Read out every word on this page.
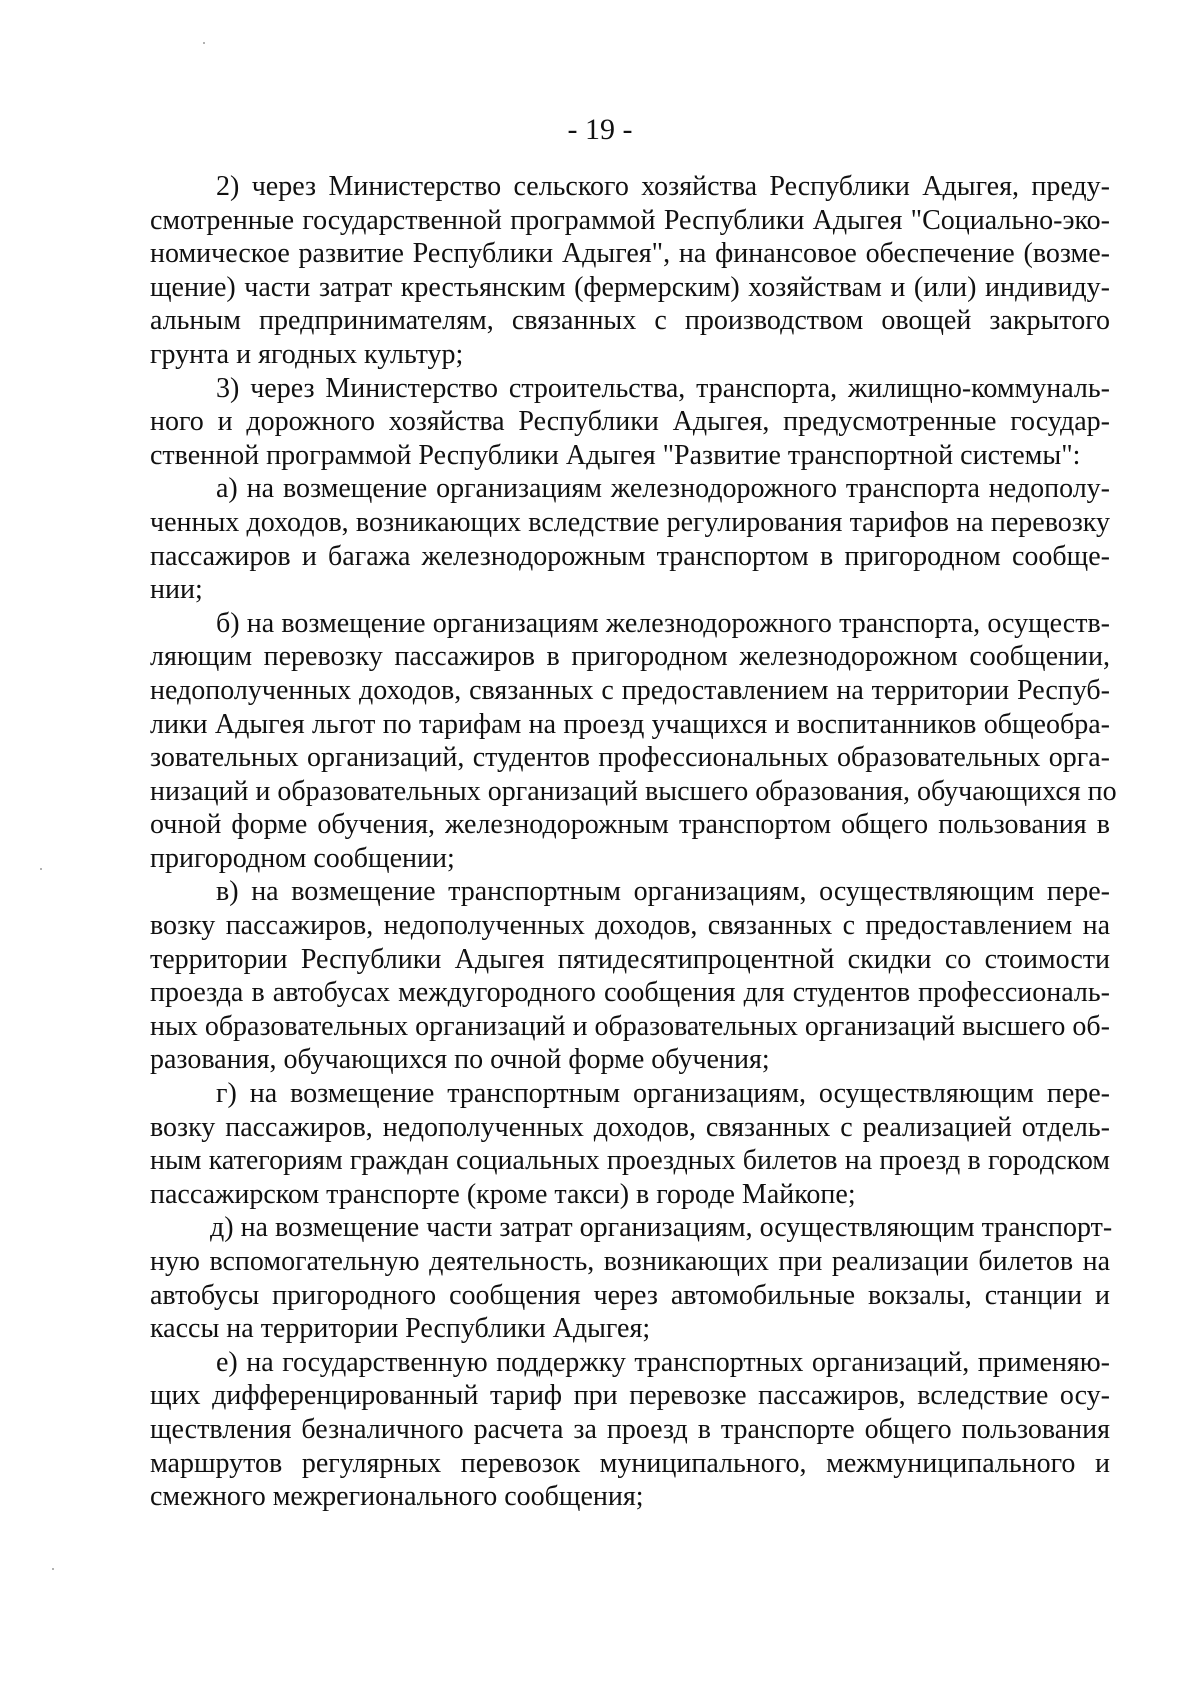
- 19 -

2) через Министерство сельского хозяйства Республики Адыгея, преду-
смотренные государственной программой Республики Адыгея "Социально-эко-
номическое развитие Республики Адыгея", на финансовое обеспечение (возме-
щение) части затрат крестьянским (фермерским) хозяйствам и (или) индивиду-
альным предпринимателям, связанных с производством овощей закрытого
грунта и ягодных культур;

3) через Министерство строительства, транспорта, жилищно-коммуналь-
ного и дорожного хозяйства Республики Адыгея, предусмотренные государ-
ственной программой Республики Адыгея "Развитие транспортной системы":

а) на возмещение организациям железнодорожного транспорта недополу-
ченных доходов, возникающих вследствие регулирования тарифов на перевозку
пассажиров и багажа железнодорожным транспортом в пригородном сообще-
нии;

б) на возмещение организациям железнодорожного транспорта, осуществ-
ляющим перевозку пассажиров в пригородном железнодорожном сообщении,
недополученных доходов, связанных с предоставлением на территории Респуб-
лики Адыгея льгот по тарифам на проезд учащихся и воспитанников общеобра-
зовательных организаций, студентов профессиональных образовательных орга-
низаций и образовательных организаций высшего образования, обучающихся по
очной форме обучения, железнодорожным транспортом общего пользования в
пригородном сообщении;

в) на возмещение транспортным организациям, осуществляющим пере-
возку пассажиров, недополученных доходов, связанных с предоставлением на
территории Республики Адыгея пятидесятипроцентной скидки со стоимости
проезда в автобусах междугородного сообщения для студентов профессиональ-
ных образовательных организаций и образовательных организаций высшего об-
разования, обучающихся по очной форме обучения;

г) на возмещение транспортным организациям, осуществляющим пере-
возку пассажиров, недополученных доходов, связанных с реализацией отдель-
ным категориям граждан социальных проездных билетов на проезд в городском
пассажирском транспорте (кроме такси) в городе Майкопе;

д) на возмещение части затрат организациям, осуществляющим транспорт-
ную вспомогательную деятельность, возникающих при реализации билетов на
автобусы пригородного сообщения через автомобильные вокзалы, станции и
кассы на территории Республики Адыгея;

е) на государственную поддержку транспортных организаций, применяю-
щих дифференцированный тариф при перевозке пассажиров, вследствие осу-
ществления безналичного расчета за проезд в транспорте общего пользования
маршрутов регулярных перевозок муниципального, межмуниципального и
смежного межрегионального сообщения;
